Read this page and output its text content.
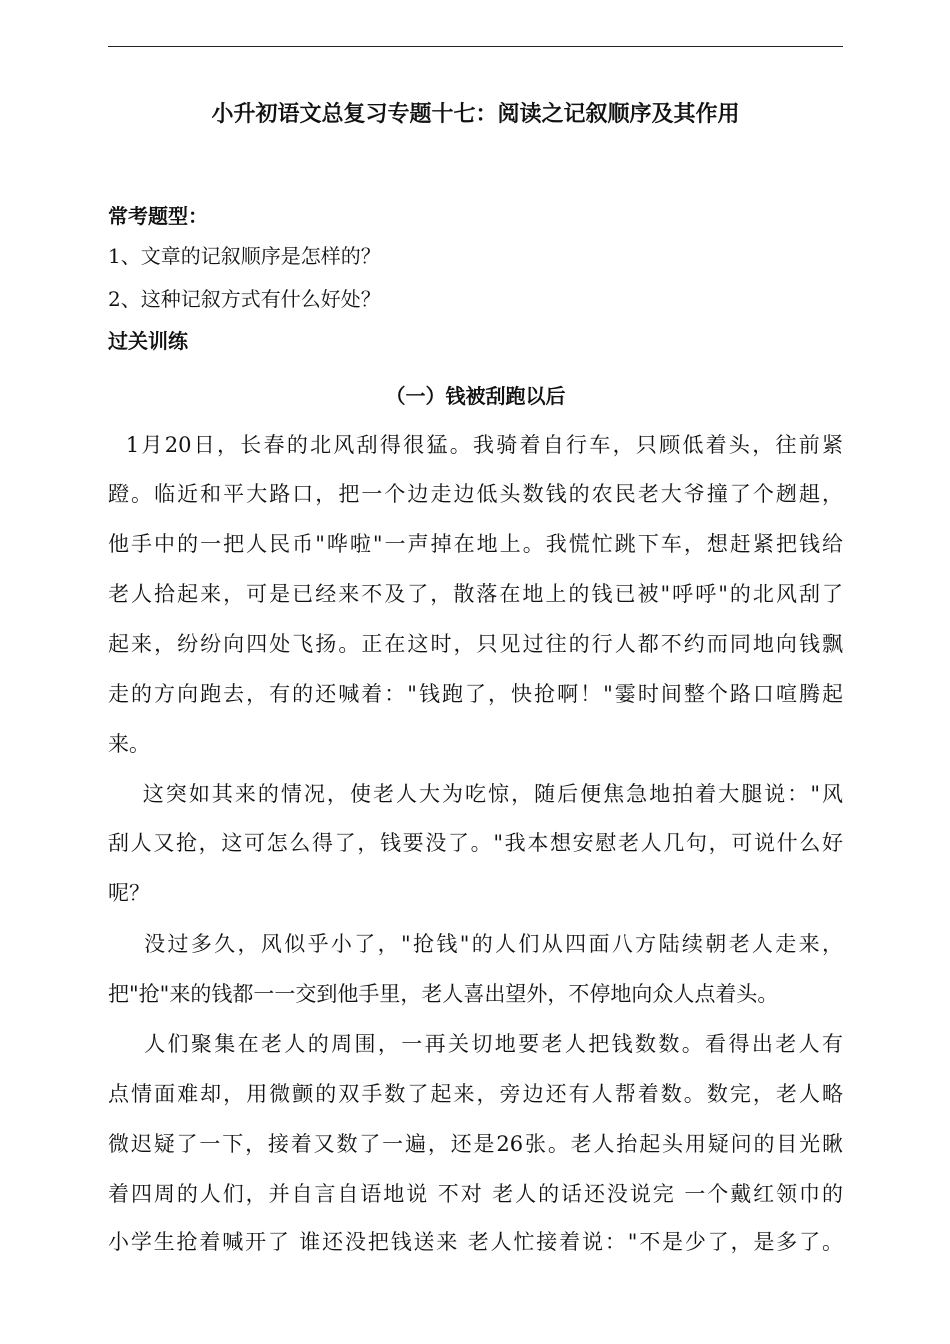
小升初语文总复习专题十七：阅读之记叙顺序及其作用
常考题型：
1、文章的记叙顺序是怎样的？
2、这种记叙方式有什么好处？
过关训练
（一）钱被刮跑以后
1月20日，长春的北风刮得很猛。我骑着自行车，只顾低着头，往前紧
蹬。临近和平大路口，把一个边走边低头数钱的农民老大爷撞了个趔趄，
他手中的一把人民币"哗啦"一声掉在地上。我慌忙跳下车，想赶紧把钱给
老人拾起来，可是已经来不及了，散落在地上的钱已被"呼呼"的北风刮了
起来，纷纷向四处飞扬。正在这时，只见过往的行人都不约而同地向钱飘
走的方向跑去，有的还喊着："钱跑了，快抢啊！"霎时间整个路口喧腾起
来。
这突如其来的情况，使老人大为吃惊，随后便焦急地拍着大腿说："风
刮人又抢，这可怎么得了，钱要没了。"我本想安慰老人几句，可说什么好
呢？
没过多久，风似乎小了，"抢钱"的人们从四面八方陆续朝老人走来，
把"抢"来的钱都一一交到他手里，老人喜出望外，不停地向众人点着头。
人们聚集在老人的周围，一再关切地要老人把钱数数。看得出老人有
点情面难却，用微颤的双手数了起来，旁边还有人帮着数。数完，老人略
微迟疑了一下，接着又数了一遍，还是26张。老人抬起头用疑问的目光瞅
着四周的人们，并自言自语地说 不对 老人的话还没说完 一个戴红领巾的
小学生抢着喊开了 谁还没把钱送来 老人忙接着说："不是少了，是多了。
